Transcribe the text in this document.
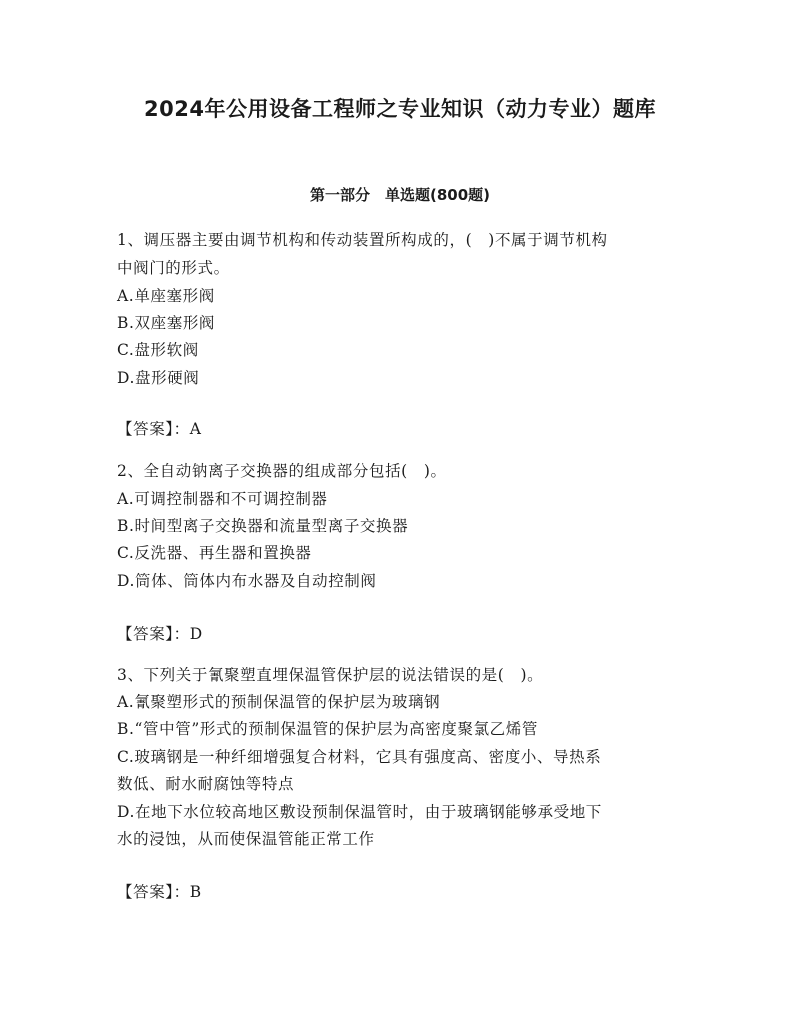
2024年公用设备工程师之专业知识（动力专业）题库
第一部分　单选题(800题)
1、调压器主要由调节机构和传动装置所构成的，(　)不属于调节机构
中阀门的形式。
A.单座塞形阀
B.双座塞形阀
C.盘形软阀
D.盘形硬阀
【答案】：A
2、全自动钠离子交换器的组成部分包括(　)。
A.可调控制器和不可调控制器
B.时间型离子交换器和流量型离子交换器
C.反洗器、再生器和置换器
D.筒体、筒体内布水器及自动控制阀
【答案】：D
3、下列关于氰聚塑直埋保温管保护层的说法错误的是(　)。
A.氰聚塑形式的预制保温管的保护层为玻璃钢
B.“管中管”形式的预制保温管的保护层为高密度聚氯乙烯管
C.玻璃钢是一种纤细增强复合材料，它具有强度高、密度小、导热系
数低、耐水耐腐蚀等特点
D.在地下水位较高地区敷设预制保温管时，由于玻璃钢能够承受地下
水的浸蚀，从而使保温管能正常工作
【答案】：B
